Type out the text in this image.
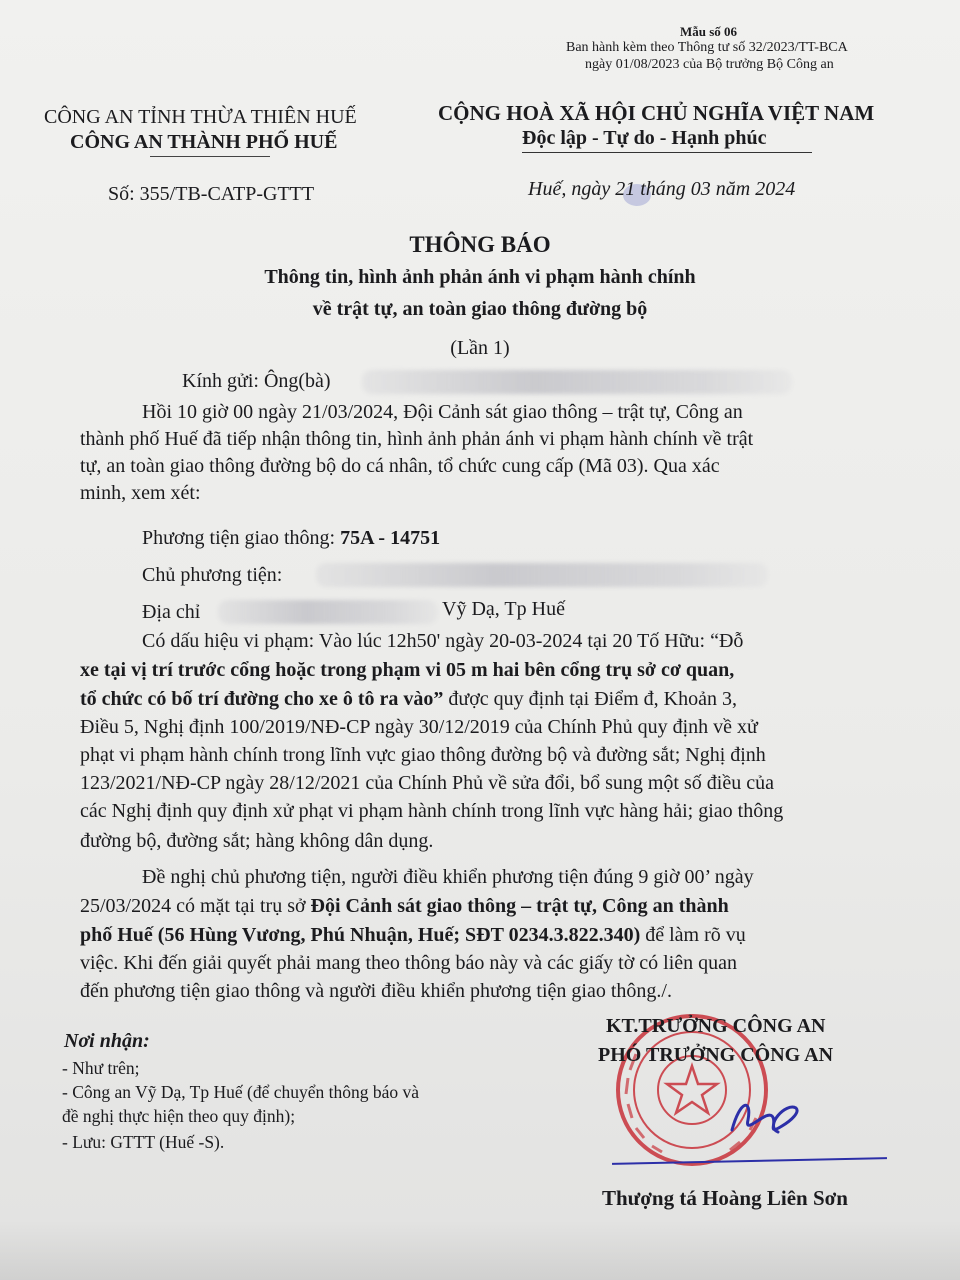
Mẫu số 06
Ban hành kèm theo Thông tư số 32/2023/TT-BCA
ngày 01/08/2023 của Bộ trưởng Bộ Công an
CÔNG AN TỈNH THỪA THIÊN HUẾ
CÔNG AN THÀNH PHỐ HUẾ
Số: 355/TB-CATP-GTTT
CỘNG HOÀ XÃ HỘI CHỦ NGHĨA VIỆT NAM
Độc lập - Tự do - Hạnh phúc
Huế, ngày 21 tháng 03 năm 2024
THÔNG BÁO
Thông tin, hình ảnh phản ánh vi phạm hành chính
về trật tự, an toàn giao thông đường bộ
(Lần 1)
Kính gửi: Ông(bà)
Hồi 10 giờ 00 ngày 21/03/2024, Đội Cảnh sát giao thông – trật tự, Công an
thành phố Huế đã tiếp nhận thông tin, hình ảnh phản ánh vi phạm hành chính về trật
tự, an toàn giao thông đường bộ do cá nhân, tổ chức cung cấp (Mã 03). Qua xác
minh, xem xét:
Phương tiện giao thông: 75A - 14751
Chủ phương tiện:
Địa chỉ	Vỹ Dạ, Tp Huế
Có dấu hiệu vi phạm: Vào lúc 12h50' ngày 20-03-2024 tại 20 Tố Hữu: “Đỗ
xe tại vị trí trước cổng hoặc trong phạm vi 05 m hai bên cổng trụ sở cơ quan,
tổ chức có bố trí đường cho xe ô tô ra vào” được quy định tại Điểm đ, Khoản 3,
Điều 5, Nghị định 100/2019/NĐ-CP ngày 30/12/2019 của Chính Phủ quy định về xử
phạt vi phạm hành chính trong lĩnh vực giao thông đường bộ và đường sắt; Nghị định
123/2021/NĐ-CP ngày 28/12/2021 của Chính Phủ về sửa đổi, bổ sung một số điều của
các Nghị định quy định xử phạt vi phạm hành chính trong lĩnh vực hàng hải; giao thông
đường bộ, đường sắt; hàng không dân dụng.
Đề nghị chủ phương tiện, người điều khiển phương tiện đúng 9 giờ 00’ ngày
25/03/2024 có mặt tại trụ sở Đội Cảnh sát giao thông – trật tự, Công an thành
phố Huế (56 Hùng Vương, Phú Nhuận, Huế; SĐT 0234.3.822.340) để làm rõ vụ
việc. Khi đến giải quyết phải mang theo thông báo này và các giấy tờ có liên quan
đến phương tiện giao thông và người điều khiển phương tiện giao thông./.
Nơi nhận:
- Như trên;
- Công an Vỹ Dạ, Tp Huế (để chuyển thông báo và
đề nghị thực hiện theo quy định);
- Lưu: GTTT (Huế -S).
KT.TRƯỞNG CÔNG AN
PHÓ TRƯỞNG CÔNG AN
Thượng tá Hoàng Liên Sơn
